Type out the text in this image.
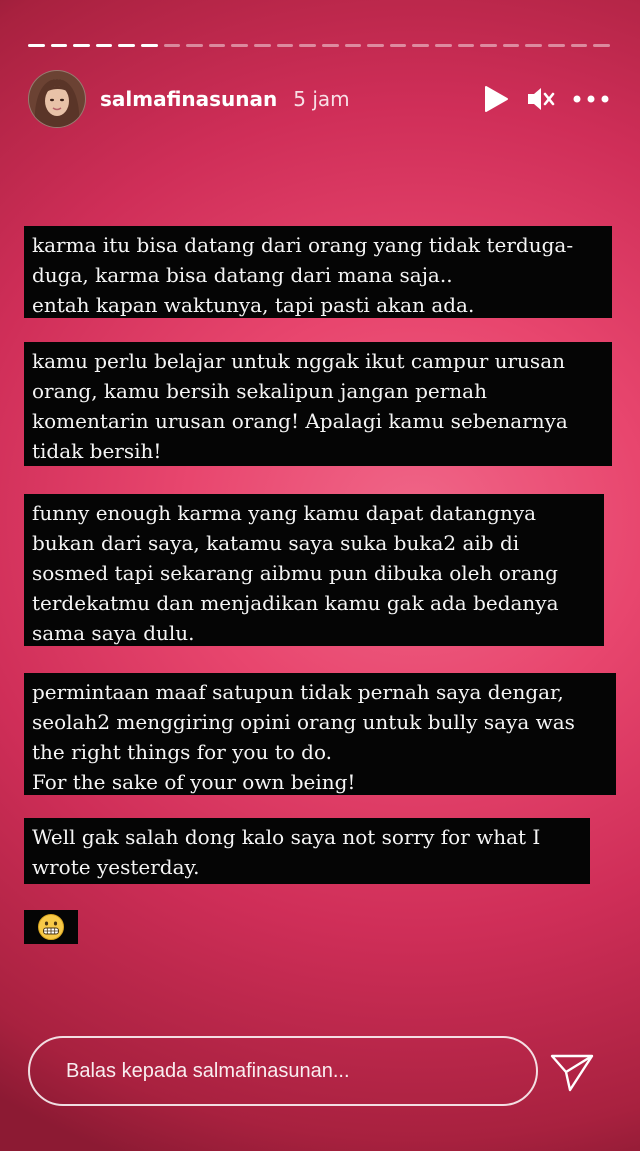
salmafinasunan 5 jam
karma itu bisa datang dari orang yang tidak terduga-
duga, karma bisa datang dari mana saja..
entah kapan waktunya, tapi pasti akan ada.
kamu perlu belajar untuk nggak ikut campur urusan
orang, kamu bersih sekalipun jangan pernah
komentarin urusan orang! Apalagi kamu sebenarnya
tidak bersih!
funny enough karma yang kamu dapat datangnya
bukan dari saya, katamu saya suka buka2 aib di
sosmed tapi sekarang aibmu pun dibuka oleh orang
terdekatmu dan menjadikan kamu gak ada bedanya
sama saya dulu.
permintaan maaf satupun tidak pernah saya dengar,
seolah2 menggiring opini orang untuk bully saya was
the right things for you to do.
For the sake of your own being!
Well gak salah dong kalo saya not sorry for what I
wrote yesterday.
Balas kepada salmafinasunan...
